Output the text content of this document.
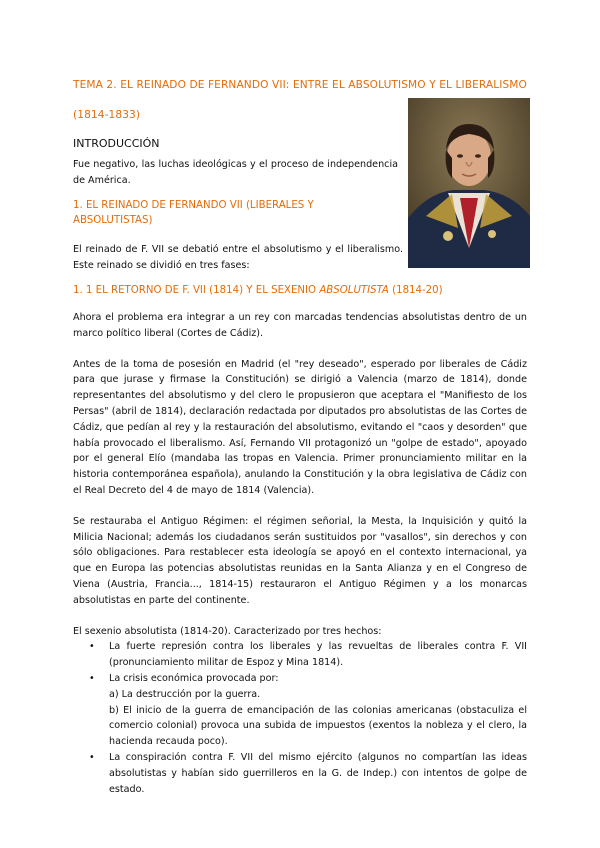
TEMA 2. EL REINADO DE FERNANDO VII: ENTRE EL ABSOLUTISMO Y EL LIBERALISMO
(1814-1833)
INTRODUCCIÓN

Fue negativo, las luchas ideológicas y el proceso de independencia de América.

1. EL REINADO DE FERNANDO VII (LIBERALES Y ABSOLUTISTAS)

El reinado de F. VII se debatió entre el absolutismo y el liberalismo. Este reinado se dividió en tres fases:

1. 1 EL RETORNO DE F. VII (1814) Y EL SEXENIO ABSOLUTISTA (1814-20)

Ahora el problema era integrar a un rey con marcadas tendencias absolutistas dentro de un marco político liberal (Cortes de Cádiz).

Antes de la toma de posesión en Madrid (el "rey deseado", esperado por liberales de Cádiz para que jurase y firmase la Constitución) se dirigió a Valencia (marzo de 1814), donde representantes del absolutismo y del clero le propusieron que aceptara el "Manifiesto de los Persas" (abril de 1814), declaración redactada por diputados pro absolutistas de las Cortes de Cádiz, que pedían al rey y la restauración del absolutismo, evitando el "caos y desorden" que había provocado el liberalismo. Así, Fernando VII protagonizó un "golpe de estado", apoyado por el general Elío (mandaba las tropas en Valencia. Primer pronunciamiento militar en la historia contemporánea española), anulando la Constitución y la obra legislativa de Cádiz con el Real Decreto del 4 de mayo de 1814 (Valencia).

Se restauraba el Antiguo Régimen: el régimen señorial, la Mesta, la Inquisición y quitó la Milicia Nacional; además los ciudadanos serán sustituidos por "vasallos", sin derechos y con sólo obligaciones. Para restablecer esta ideología se apoyó en el contexto internacional, ya que en Europa las potencias absolutistas reunidas en la Santa Alianza y en el Congreso de Viena (Austria, Francia..., 1814-15) restauraron el Antiguo Régimen y a los monarcas absolutistas en parte del continente.

El sexenio absolutista (1814-20). Caracterizado por tres hechos:

• La fuerte represión contra los liberales y las revueltas de liberales contra F. VII (pronunciamiento militar de Espoz y Mina 1814).
• La crisis económica provocada por:

a) La destrucción por la guerra.

b) El inicio de la guerra de emancipación de las colonias americanas (obstaculiza el comercio colonial) provoca una subida de impuestos (exentos la nobleza y el clero, la hacienda recauda poco).

• La conspiración contra F. VII del mismo ejército (algunos no compartían las ideas absolutistas y habían sido guerrilleros en la G. de Indep.) con intentos de golpe de estado.
